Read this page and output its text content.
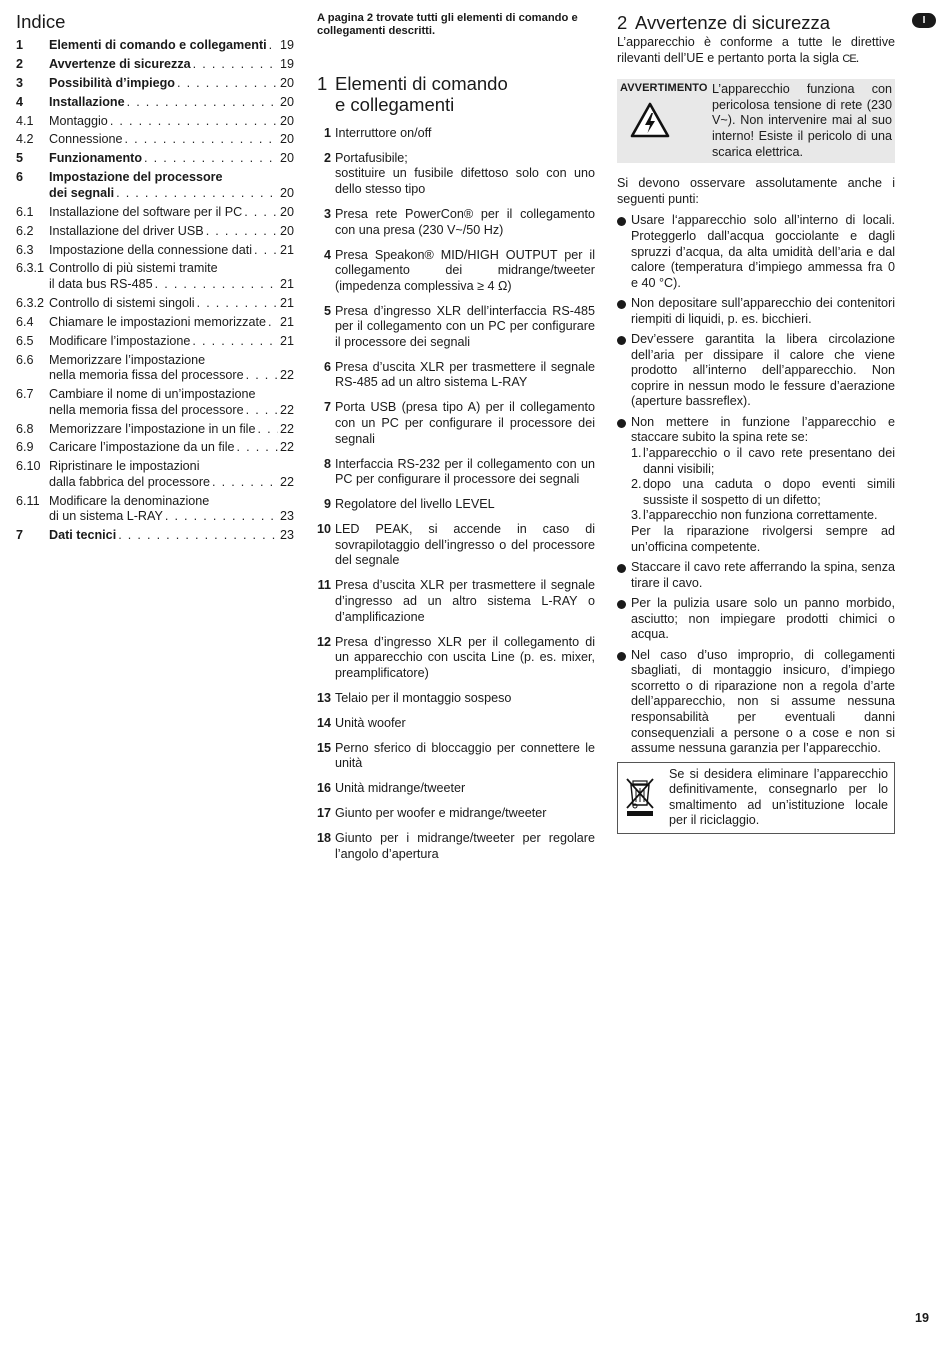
Indice
1	Elementi di comando e collegamenti . . . 19
2	Avvertenze di sicurezza . . .	19
3	Possibilità d’impiego . . .	20
4	Installazione . . .	20
4.1	Montaggio . . .	20
4.2	Connessione . . .	20
5	Funzionamento . . .	20
6	Impostazione del processore
dei segnali . . .	20
6.1	Installazione del software per il PC . . .	20
6.2	Installazione del driver USB . . .	20
6.3	Impostazione della connessione dati . . . 21
6.3.1 Controllo di più sistemi tramite
il data bus RS-485 . . .	21
6.3.2 Controllo di sistemi singoli . . .	21
6.4	Chiamare le impostazioni memorizzate . . . 21
6.5	Modificare l’impostazione . . .	21
6.6	Memorizzare l’impostazione
nella memoria fissa del processore . . .	22
6.7	Cambiare il nome di un’impostazione
nella memoria fissa del processore . . .	22
6.8	Memorizzare l’impostazione in un file . . . 22
6.9	Caricare l’impostazione da un file . . .	22
6.10 Ripristinare le impostazioni
dalla fabbrica del processore . . .	22
6.11 Modificare la denominazione
di un sistema L-RAY . . .	23
7	Dati tecnici . . .	23
A pagina 2 trovate tutti gli elementi di comando e collegamenti descritti.
1 Elementi di comando
e collegamenti
1 Interruttore on/off
2 Portafusibile;
sostituire un fusibile difettoso solo con uno dello stesso tipo
3 Presa rete PowerCon® per il collegamento con una presa (230 V~/50 Hz)
4 Presa Speakon® MID/HIGH OUTPUT per il collegamento dei midrange/tweeter (impedenza complessiva ≥ 4 Ω)
5 Presa d’ingresso XLR dell’interfaccia RS-485 per il collegamento con un PC per configurare il processore dei segnali
6 Presa d’uscita XLR per trasmettere il segnale RS-485 ad un altro sistema L-RAY
7 Porta USB (presa tipo A) per il collegamento con un PC per configurare il processore dei segnali
8 Interfaccia RS-232 per il collegamento con un PC per configurare il processore dei segnali
9 Regolatore del livello LEVEL
10 LED PEAK, si accende in caso di sovrapilotaggio dell’ingresso o del processore del segnale
11 Presa d’uscita XLR per trasmettere il segnale d’ingresso ad un altro sistema L-RAY o d’amplificazione
12 Presa d’ingresso XLR per il collegamento di un apparecchio con uscita Line (p. es. mixer, preamplificatore)
13 Telaio per il montaggio sospeso
14 Unità woofer
15 Perno sferico di bloccaggio per connettere le unità
16 Unità midrange/tweeter
17 Giunto per woofer e midrange/tweeter
18 Giunto per i midrange/tweeter per regolare l’angolo d’apertura
I
2 Avvertenze di sicurezza

L’apparecchio è conforme a tutte le direttive rilevanti dell’UE e pertanto porta la sigla CE.

AVVERTIMENTO L’apparecchio funziona con pericolosa tensione di rete (230 V~). Non intervenire mai al suo interno! Esiste il pericolo di una scarica elettrica.

Si devono osservare assolutamente anche i seguenti punti:

Usare l‘apparecchio solo all’interno di locali. Proteggerlo dall’acqua gocciolante e dagli spruzzi d’acqua, da alta umidità dell’aria e dal calore (temperatura d’impiego ammessa fra 0 e 40 °C).
Non depositare sull’apparecchio dei contenitori riempiti di liquidi, p. es. bicchieri.
Dev’essere garantita la libera circolazione dell’aria per dissipare il calore che viene prodotto all’interno dell’apparecchio. Non coprire in nessun modo le fessure d’aerazione (aperture bassreflex).
Non mettere in funzione l’apparecchio e staccare subito la spina rete se:
1. l’apparecchio o il cavo rete presentano dei danni visibili;
2. dopo una caduta o dopo eventi simili sussiste il sospetto di un difetto;
3. l’apparecchio non funziona correttamente.
Per la riparazione rivolgersi sempre ad un’officina competente.
Staccare il cavo rete afferrando la spina, senza tirare il cavo.
Per la pulizia usare solo un panno morbido, asciutto; non impiegare prodotti chimici o acqua.
Nel caso d’uso improprio, di collegamenti sbagliati, di montaggio insicuro, d’impiego scorretto o di riparazione non a regola d’arte dell’apparecchio, non si assume nessuna responsabilità per eventuali danni consequenziali a persone o a cose e non si assume nessuna garanzia per l’apparecchio.
Se si desidera eliminare l’apparecchio definitivamente, consegnarlo per lo smaltimento ad un’istituzione locale per il riciclaggio.
19
